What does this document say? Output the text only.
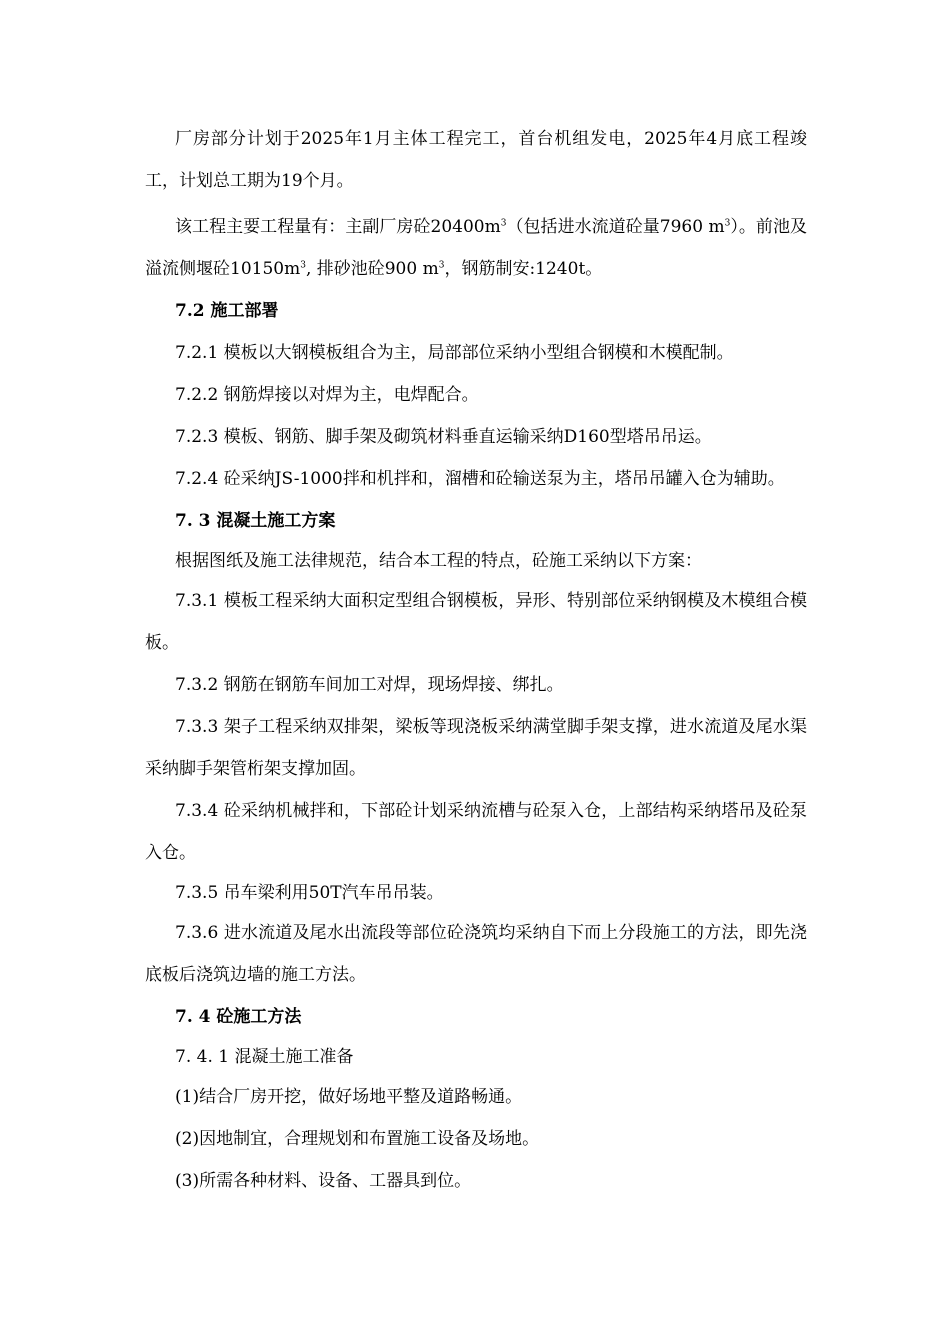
厂房部分计划于2025年1月主体工程完工，首台机组发电，2025年4月底工程竣工，计划总工期为19个月。

该工程主要工程量有：主副厂房砼$20400m^3$（包括进水流道砼量7960 $m^3$）。前池及溢流侧堰砼$10150m^3$, 排砂池砼900 $m^3$，钢筋制安:1240t。

7.2 施工部署

7.2.1 模板以大钢模板组合为主，局部部位采纳小型组合钢模和木模配制。

7.2.2 钢筋焊接以对焊为主，电焊配合。

7.2.3 模板、钢筋、脚手架及砌筑材料垂直运输采纳D160型塔吊吊运。

7.2.4 砼采纳JS-1000拌和机拌和，溜槽和砼输送泵为主，塔吊吊罐入仓为辅助。

7. 3 混凝土施工方案

根据图纸及施工法律规范，结合本工程的特点，砼施工采纳以下方案：

7.3.1 模板工程采纳大面积定型组合钢模板，异形、特别部位采纳钢模及木模组合模板。

7.3.2 钢筋在钢筋车间加工对焊，现场焊接、绑扎。

7.3.3 架子工程采纳双排架，梁板等现浇板采纳满堂脚手架支撑，进水流道及尾水渠采纳脚手架管桁架支撑加固。

7.3.4 砼采纳机械拌和，下部砼计划采纳流槽与砼泵入仓，上部结构采纳塔吊及砼泵入仓。

7.3.5 吊车梁利用50T汽车吊吊装。

7.3.6 进水流道及尾水出流段等部位砼浇筑均采纳自下而上分段施工的方法，即先浇底板后浇筑边墙的施工方法。

7. 4 砼施工方法

7. 4. 1 混凝土施工准备

(1)结合厂房开挖，做好场地平整及道路畅通。

(2)因地制宜，合理规划和布置施工设备及场地。

(3)所需各种材料、设备、工器具到位。
